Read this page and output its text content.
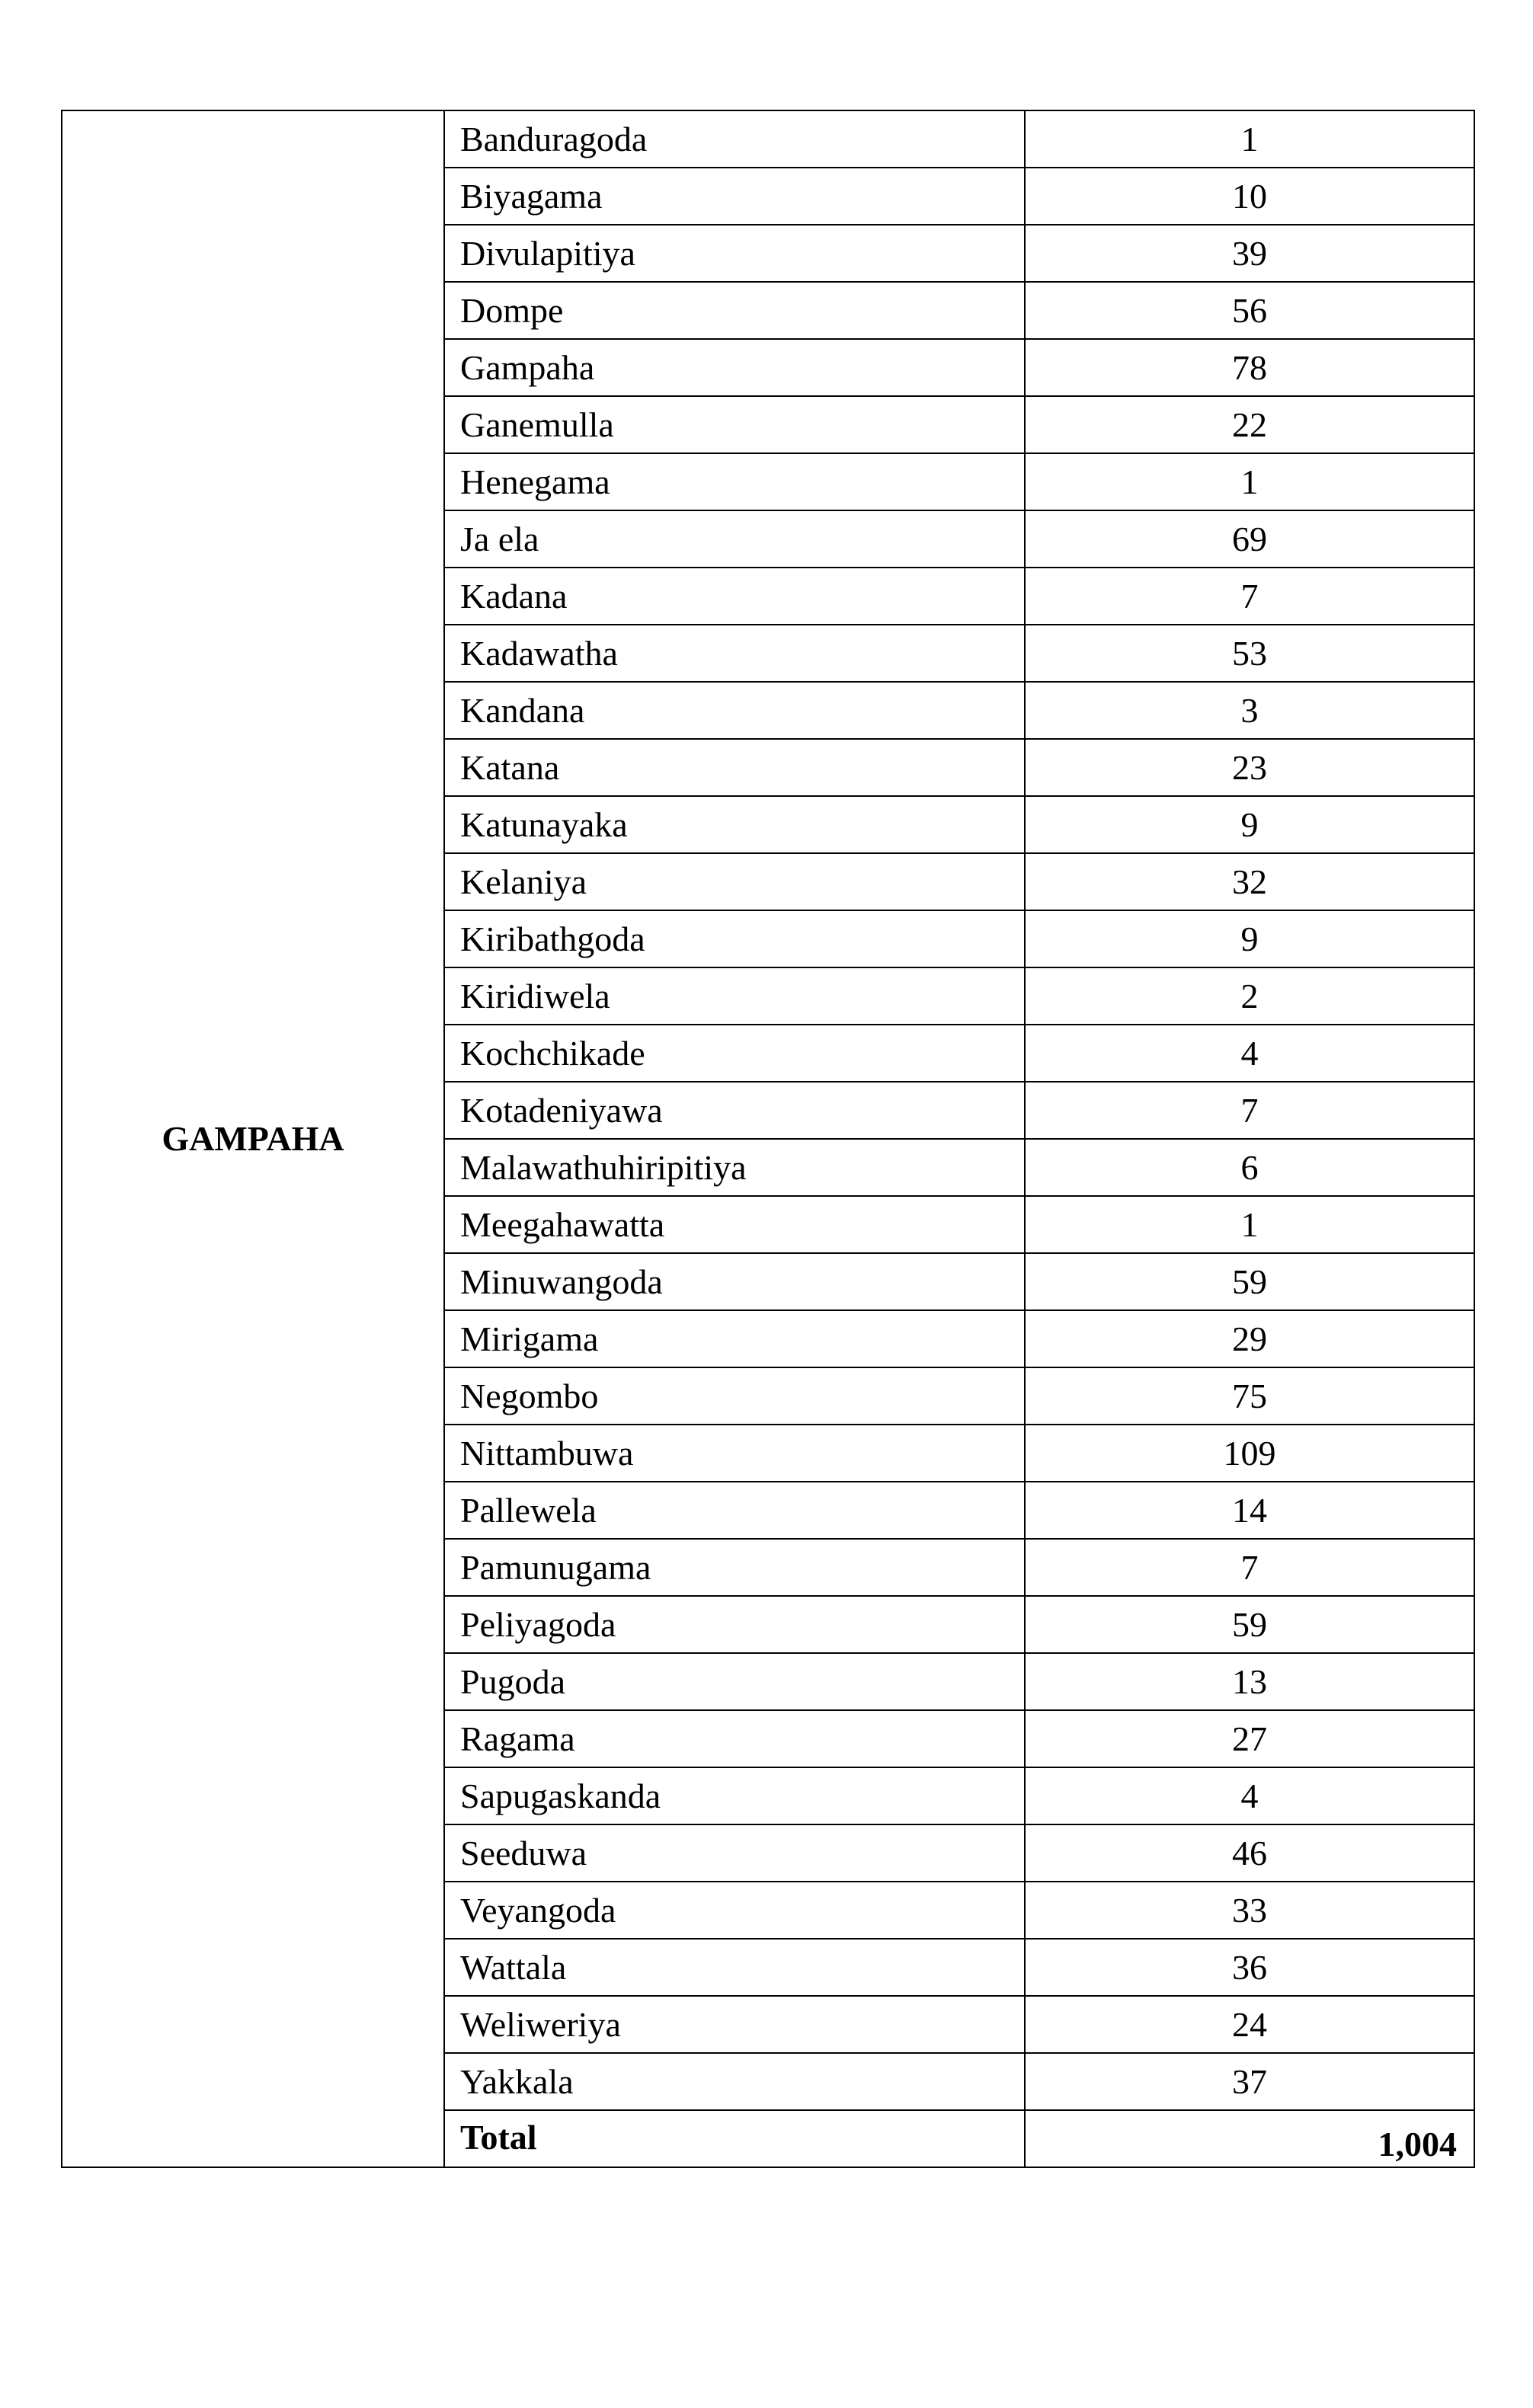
GAMPAHA	Banduragoda	1
	Biyagama	10
	Divulapitiya	39
	Dompe	56
	Gampaha	78
	Ganemulla	22
	Henegama	1
	Ja ela	69
	Kadana	7
	Kadawatha	53
	Kandana	3
	Katana	23
	Katunayaka	9
	Kelaniya	32
	Kiribathgoda	9
	Kiridiwela	2
	Kochchikade	4
	Kotadeniyawa	7
	Malawathuhiripitiya	6
	Meegahawatta	1
	Minuwangoda	59
	Mirigama	29
	Negombo	75
	Nittambuwa	109
	Pallewela	14
	Pamunugama	7
	Peliyagoda	59
	Pugoda	13
	Ragama	27
	Sapugaskanda	4
	Seeduwa	46
	Veyangoda	33
	Wattala	36
	Weliweriya	24
	Yakkala	37
	Total	1,004
